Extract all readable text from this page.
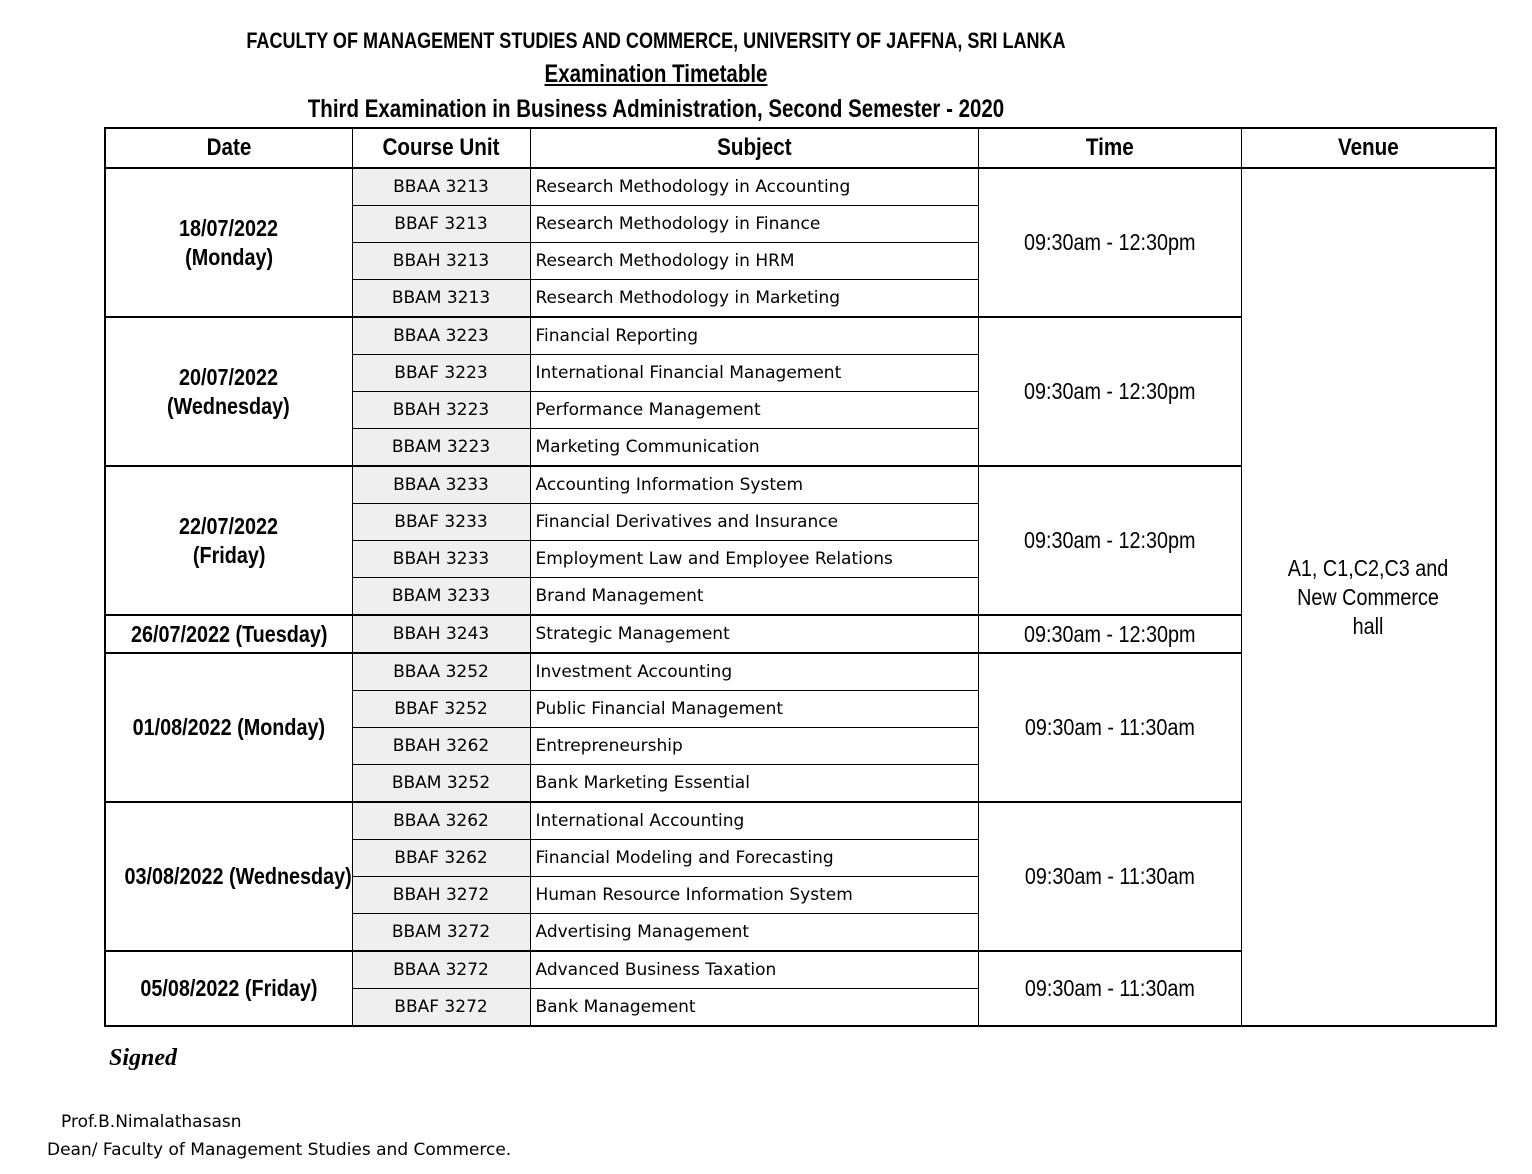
FACULTY OF MANAGEMENT STUDIES AND COMMERCE, UNIVERSITY OF JAFFNA, SRI LANKA
Examination Timetable
Third Examination in Business Administration, Second Semester - 2020
Date	Course Unit	Subject	Time	Venue

18/07/2022
(Monday)	BBAA 3213	Research Methodology in Accounting	09:30am - 12:30pm	A1, C1,C2,C3 and New Commerce hall

	BBAF 3213	Research Methodology in Finance		
	BBAH 3213	Research Methodology in HRM		
	BBAM 3213	Research Methodology in Marketing		

20/07/2022
(Wednesday)	BBAA 3223	Financial Reporting	09:30am - 12:30pm	
	BBAF 3223	International Financial Management		
	BBAH 3223	Performance Management		
	BBAM 3223	Marketing Communication		

22/07/2022
(Friday)	BBAA 3233	Accounting Information System	09:30am - 12:30pm	
	BBAF 3233	Financial Derivatives and Insurance		
	BBAH 3233	Employment Law and Employee Relations		
	BBAM 3233	Brand Management		

26/07/2022 (Tuesday)	BBAH 3243	Strategic Management	09:30am - 12:30pm	

01/08/2022 (Monday)	BBAA 3252	Investment Accounting	09:30am - 11:30am	
	BBAF 3252	Public Financial Management		
	BBAH 3262	Entrepreneurship		
	BBAM 3252	Bank Marketing Essential		

03/08/2022 (Wednesday)	BBAA 3262	International Accounting	09:30am - 11:30am	
	BBAF 3262	Financial Modeling and Forecasting		
	BBAH 3272	Human Resource Information System		
	BBAM 3272	Advertising Management		

05/08/2022 (Friday)	BBAA 3272	Advanced Business Taxation	09:30am - 11:30am	
	BBAF 3272	Bank Management		
Signed
Prof.B.Nimalathasasn
Dean/ Faculty of Management Studies and Commerce.
